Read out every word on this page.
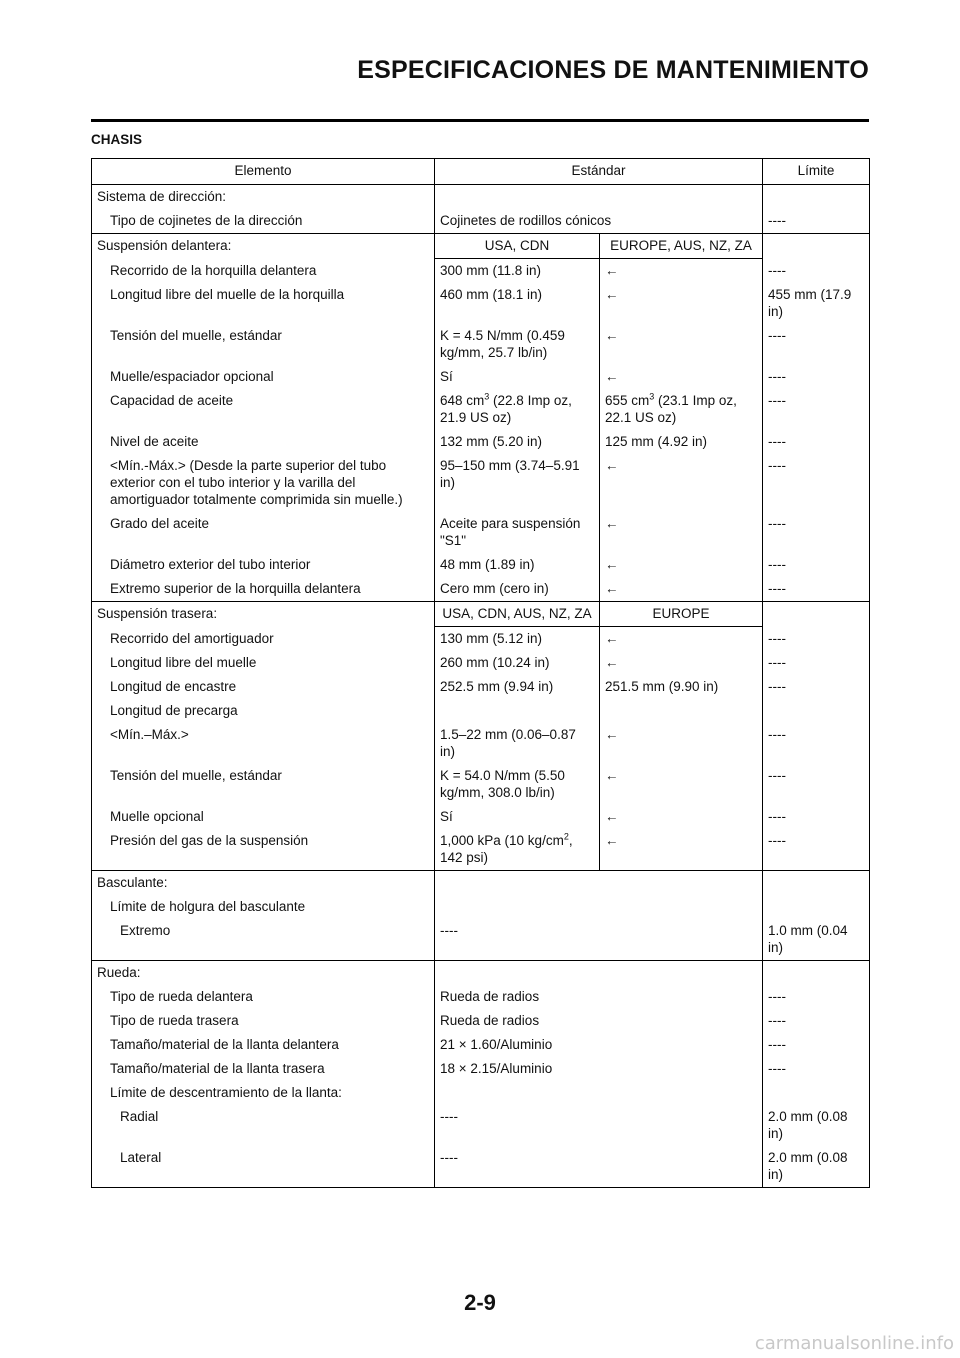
ESPECIFICACIONES DE MANTENIMIENTO
CHASIS
Elemento	Estándar		Límite
Sistema de dirección:			
Tipo de cojinetes de la dirección	Cojinetes de rodillos cónicos		----
Suspensión delantera:	USA, CDN	EUROPE, AUS, NZ, ZA	
Recorrido de la horquilla delantera	300 mm (11.8 in)	←	----
Longitud libre del muelle de la horquilla	460 mm (18.1 in)	←	455 mm (17.9 in)
Tensión del muelle, estándar	K = 4.5 N/mm (0.459 kg/mm, 25.7 lb/in)	←	----
Muelle/espaciador opcional	Sí	←	----
Capacidad de aceite	648 $cm^3$ (22.8 Imp oz, 21.9 US oz)	655 $cm^3$ (23.1 Imp oz, 22.1 US oz)	----
Nivel de aceite	132 mm (5.20 in)	125 mm (4.92 in)	----
<Mín.-Máx.> (Desde la parte superior del tubo exterior con el tubo interior y la varilla del amortiguador totalmente comprimida sin muelle.)	95–150 mm (3.74–5.91 in)	←	----
Grado del aceite	Aceite para suspensión "S1"	←	----
Diámetro exterior del tubo interior	48 mm (1.89 in)	←	----
Extremo superior de la horquilla delantera	Cero mm (cero in)	←	----
Suspensión trasera:	USA, CDN, AUS, NZ, ZA	EUROPE	
Recorrido del amortiguador	130 mm (5.12 in)	←	----
Longitud libre del muelle	260 mm (10.24 in)	←	----
Longitud de encastre	252.5 mm (9.94 in)	251.5 mm (9.90 in)	----
Longitud de precarga			
<Mín.–Máx.>	1.5–22 mm (0.06–0.87 in)	←	----
Tensión del muelle, estándar	K = 54.0 N/mm (5.50 kg/mm, 308.0 lb/in)	←	----
Muelle opcional	Sí	←	----
Presión del gas de la suspensión	1,000 kPa (10 $kg/cm^2$, 142 psi)	←	----
Basculante:			
Límite de holgura del basculante			
Extremo	----		1.0 mm (0.04 in)
Rueda:			
Tipo de rueda delantera	Rueda de radios		----
Tipo de rueda trasera	Rueda de radios		----
Tamaño/material de la llanta delantera	21 × 1.60/Aluminio		----
Tamaño/material de la llanta trasera	18 × 2.15/Aluminio		----
Límite de descentramiento de la llanta:			
Radial	----		2.0 mm (0.08 in)
Lateral	----		2.0 mm (0.08 in)
2-9
carmanualsonline.info
